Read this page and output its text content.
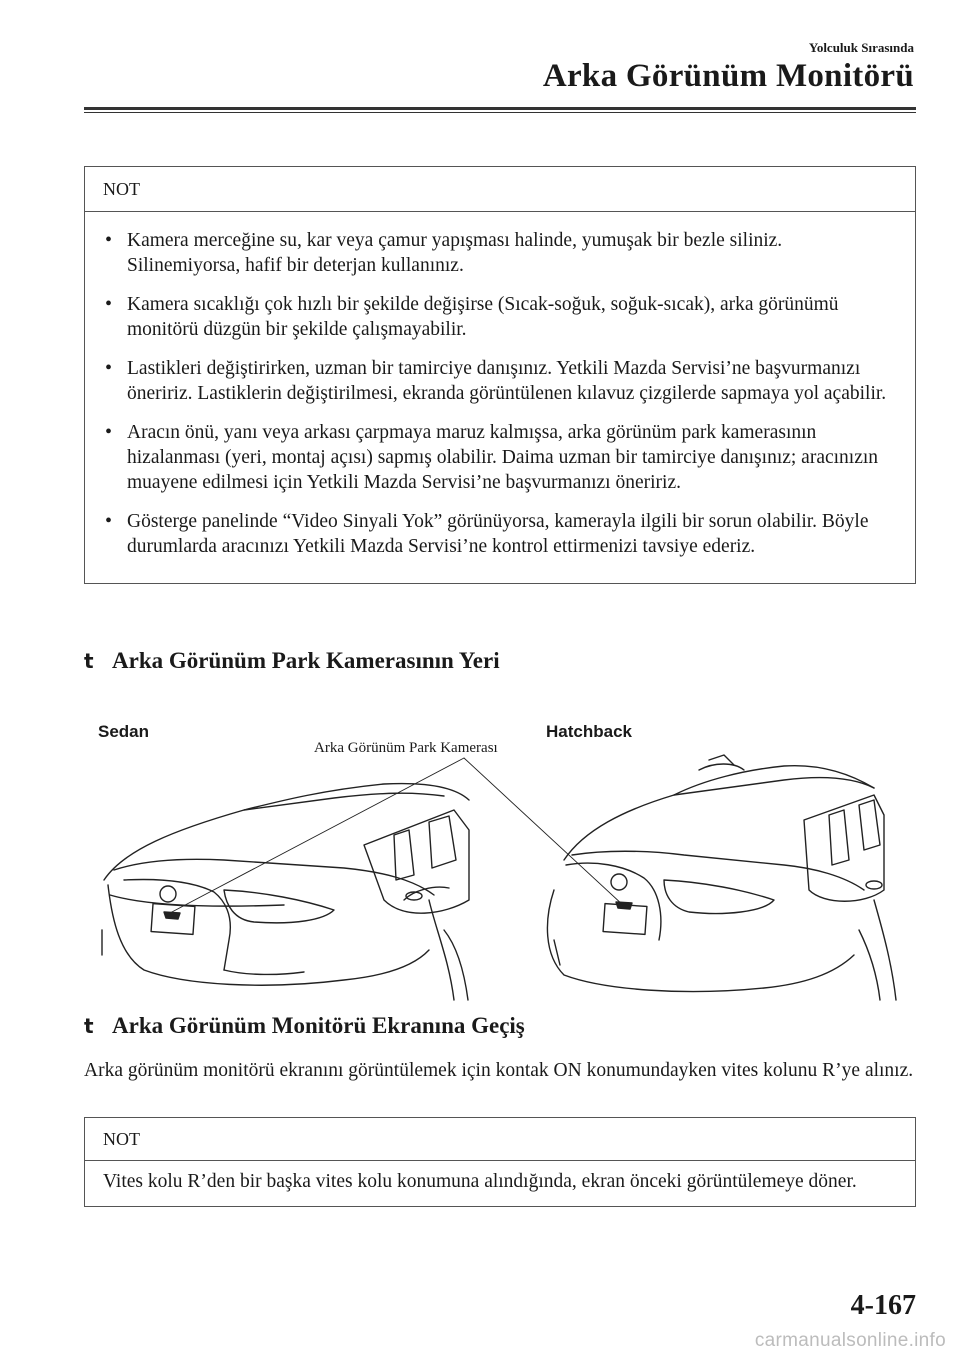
Yolculuk Sırasında
Arka Görünüm Monitörü
NOT
• Kamera merceğine su, kar veya çamur yapışması halinde, yumuşak bir bezle siliniz. Silinemiyorsa, hafif bir deterjan kullanınız.
• Kamera sıcaklığı çok hızlı bir şekilde değişirse (Sıcak-soğuk, soğuk-sıcak), arka görünümü monitörü düzgün bir şekilde çalışmayabilir.
• Lastikleri değiştirirken, uzman bir tamirciye danışınız. Yetkili Mazda Servisi’ne başvurmanızı öneririz. Lastiklerin değiştirilmesi, ekranda görüntülenen kılavuz çizgilerde sapmaya yol açabilir.
• Aracın önü, yanı veya arkası çarpmaya maruz kalmışsa, arka görünüm park kamerasının hizalanması (yeri, montaj açısı) sapmış olabilir. Daima uzman bir tamirciye danışınız; aracınızın muayene edilmesi için Yetkili Mazda Servisi’ne başvurmanızı öneririz.
• Gösterge panelinde “Video Sinyali Yok” görünüyorsa, kamerayla ilgili bir sorun olabilir. Böyle durumlarda aracınızı Yetkili Mazda Servisi’ne kontrol ettirmenizi tavsiye ederiz.
t Arka Görünüm Park Kamerasının Yeri
Sedan	Hatchback
Arka Görünüm Park Kamerası
t Arka Görünüm Monitörü Ekranına Geçiş
Arka görünüm monitörü ekranını görüntülemek için kontak ON konumundayken vites kolunu R’ye alınız.
NOT
Vites kolu R’den bir başka vites kolu konumuna alındığında, ekran önceki görüntülemeye döner.
4-167
carmanualsonline.info
